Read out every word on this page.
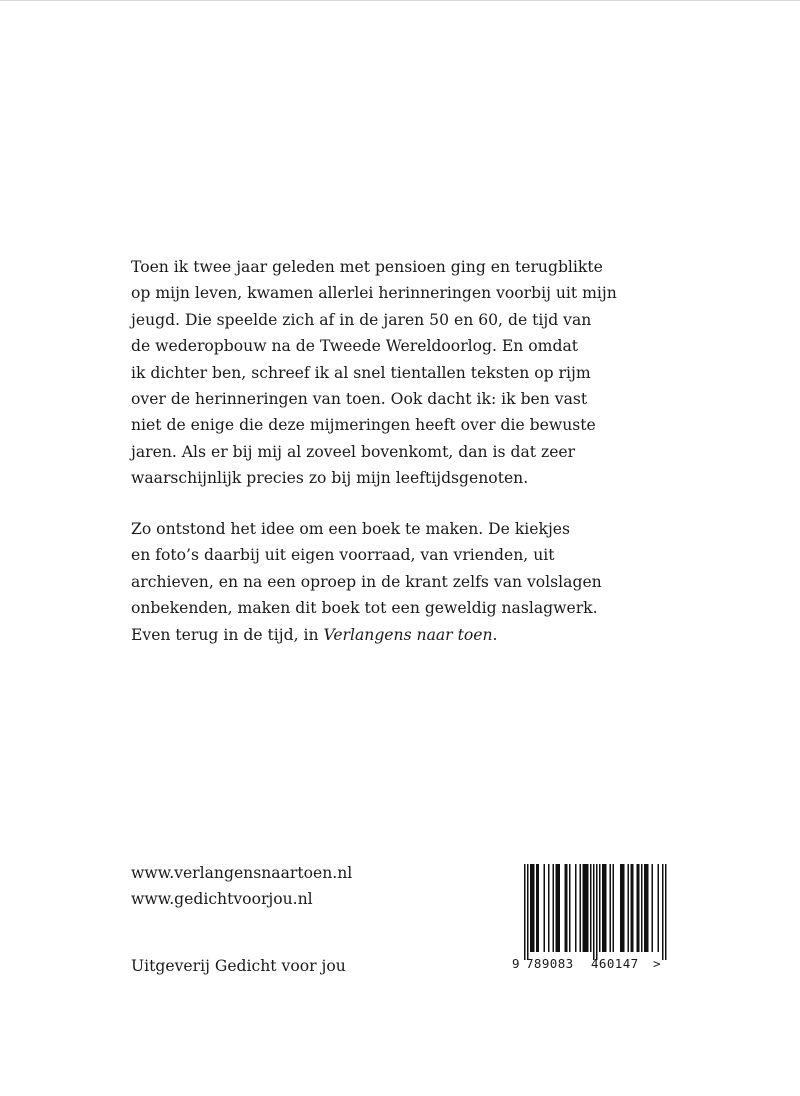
Toen ik twee jaar geleden met pensioen ging en terugblikte
op mijn leven, kwamen allerlei herinneringen voorbij uit mijn
jeugd. Die speelde zich af in de jaren 50 en 60, de tijd van
de wederopbouw na de Tweede Wereldoorlog. En omdat
ik dichter ben, schreef ik al snel tientallen teksten op rijm
over de herinneringen van toen. Ook dacht ik: ik ben vast
niet de enige die deze mijmeringen heeft over die bewuste
jaren. Als er bij mij al zoveel bovenkomt, dan is dat zeer
waarschijnlijk precies zo bij mijn leeftijdsgenoten.
Zo ontstond het idee om een boek te maken. De kiekjes
en foto’s daarbij uit eigen voorraad, van vrienden, uit
archieven, en na een oproep in de krant zelfs van volslagen
onbekenden, maken dit boek tot een geweldig naslagwerk.
Even terug in de tijd, in Verlangens naar toen.
www.verlangensnaartoen.nl
www.gedichtvoorjou.nl
Uitgeverij Gedicht voor jou	9 789083 460147 >
